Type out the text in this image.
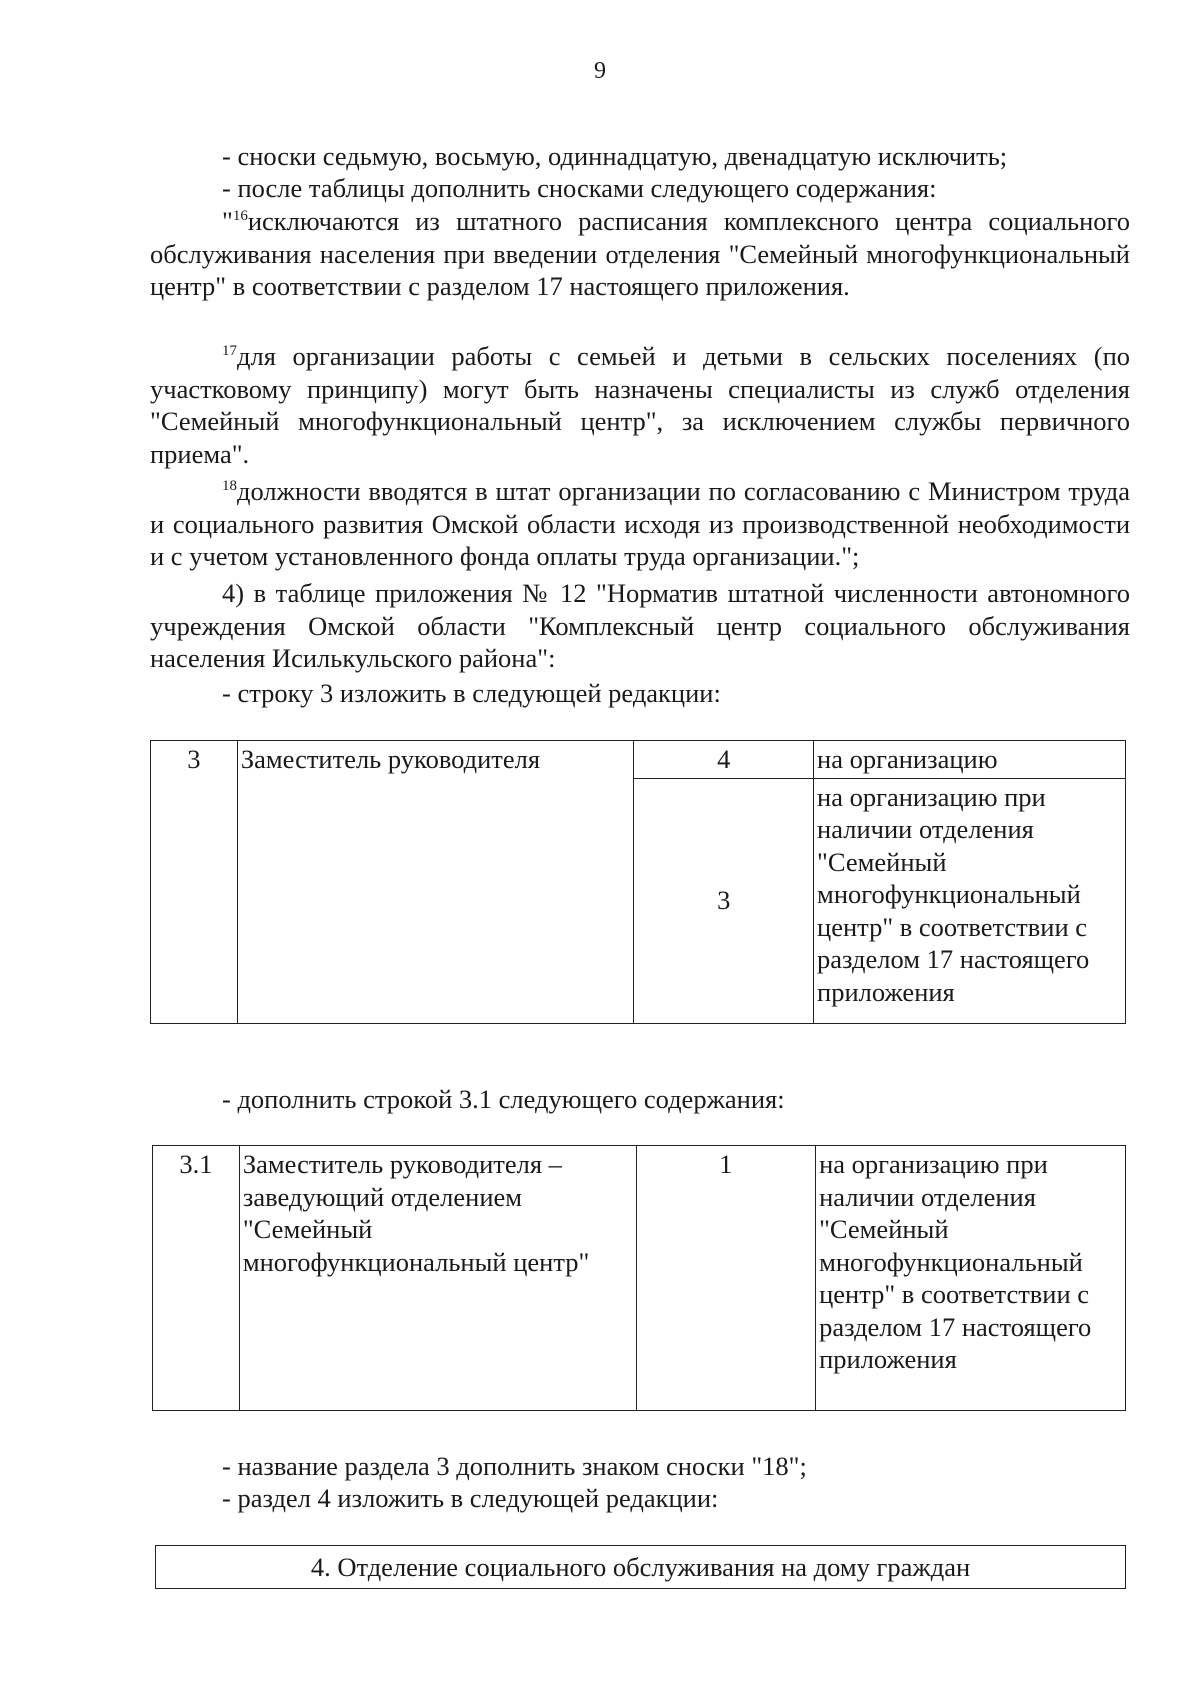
9

- сноски седьмую, восьмую, одиннадцатую, двенадцатую исключить;

- после таблицы дополнить сносками следующего содержания:

"$^{16}$исключаются из штатного расписания комплексного центра социального обслуживания населения при введении отделения "Семейный многофункциональный центр" в соответствии с разделом 17 настоящего приложения.

$^{17}$для организации работы с семьей и детьми в сельских поселениях (по участковому принципу) могут быть назначены специалисты из служб отделения "Семейный многофункциональный центр", за исключением службы первичного приема".

$^{18}$должности вводятся в штат организации по согласованию с Министром труда и социального развития Омской области исходя из производственной необходимости и с учетом установленного фонда оплаты труда организации.";

4) в таблице приложения № 12 "Норматив штатной численности автономного учреждения Омской области "Комплексный центр социального обслуживания населения Исилькульского района":

- строку 3 изложить в следующей редакции:

3	Заместитель руководителя	4	на организацию
		3	на организацию при наличии отделения "Семейный многофункциональный центр" в соответствии с разделом 17 настоящего приложения

- дополнить строкой 3.1 следующего содержания:

3.1	Заместитель руководителя – заведующий отделением "Семейный многофункциональный центр"	1	на организацию при наличии отделения "Семейный многофункциональный центр" в соответствии с разделом 17 настоящего приложения

- название раздела 3 дополнить знаком сноски "18";

- раздел 4 изложить в следующей редакции:

4. Отделение социального обслуживания на дому граждан
